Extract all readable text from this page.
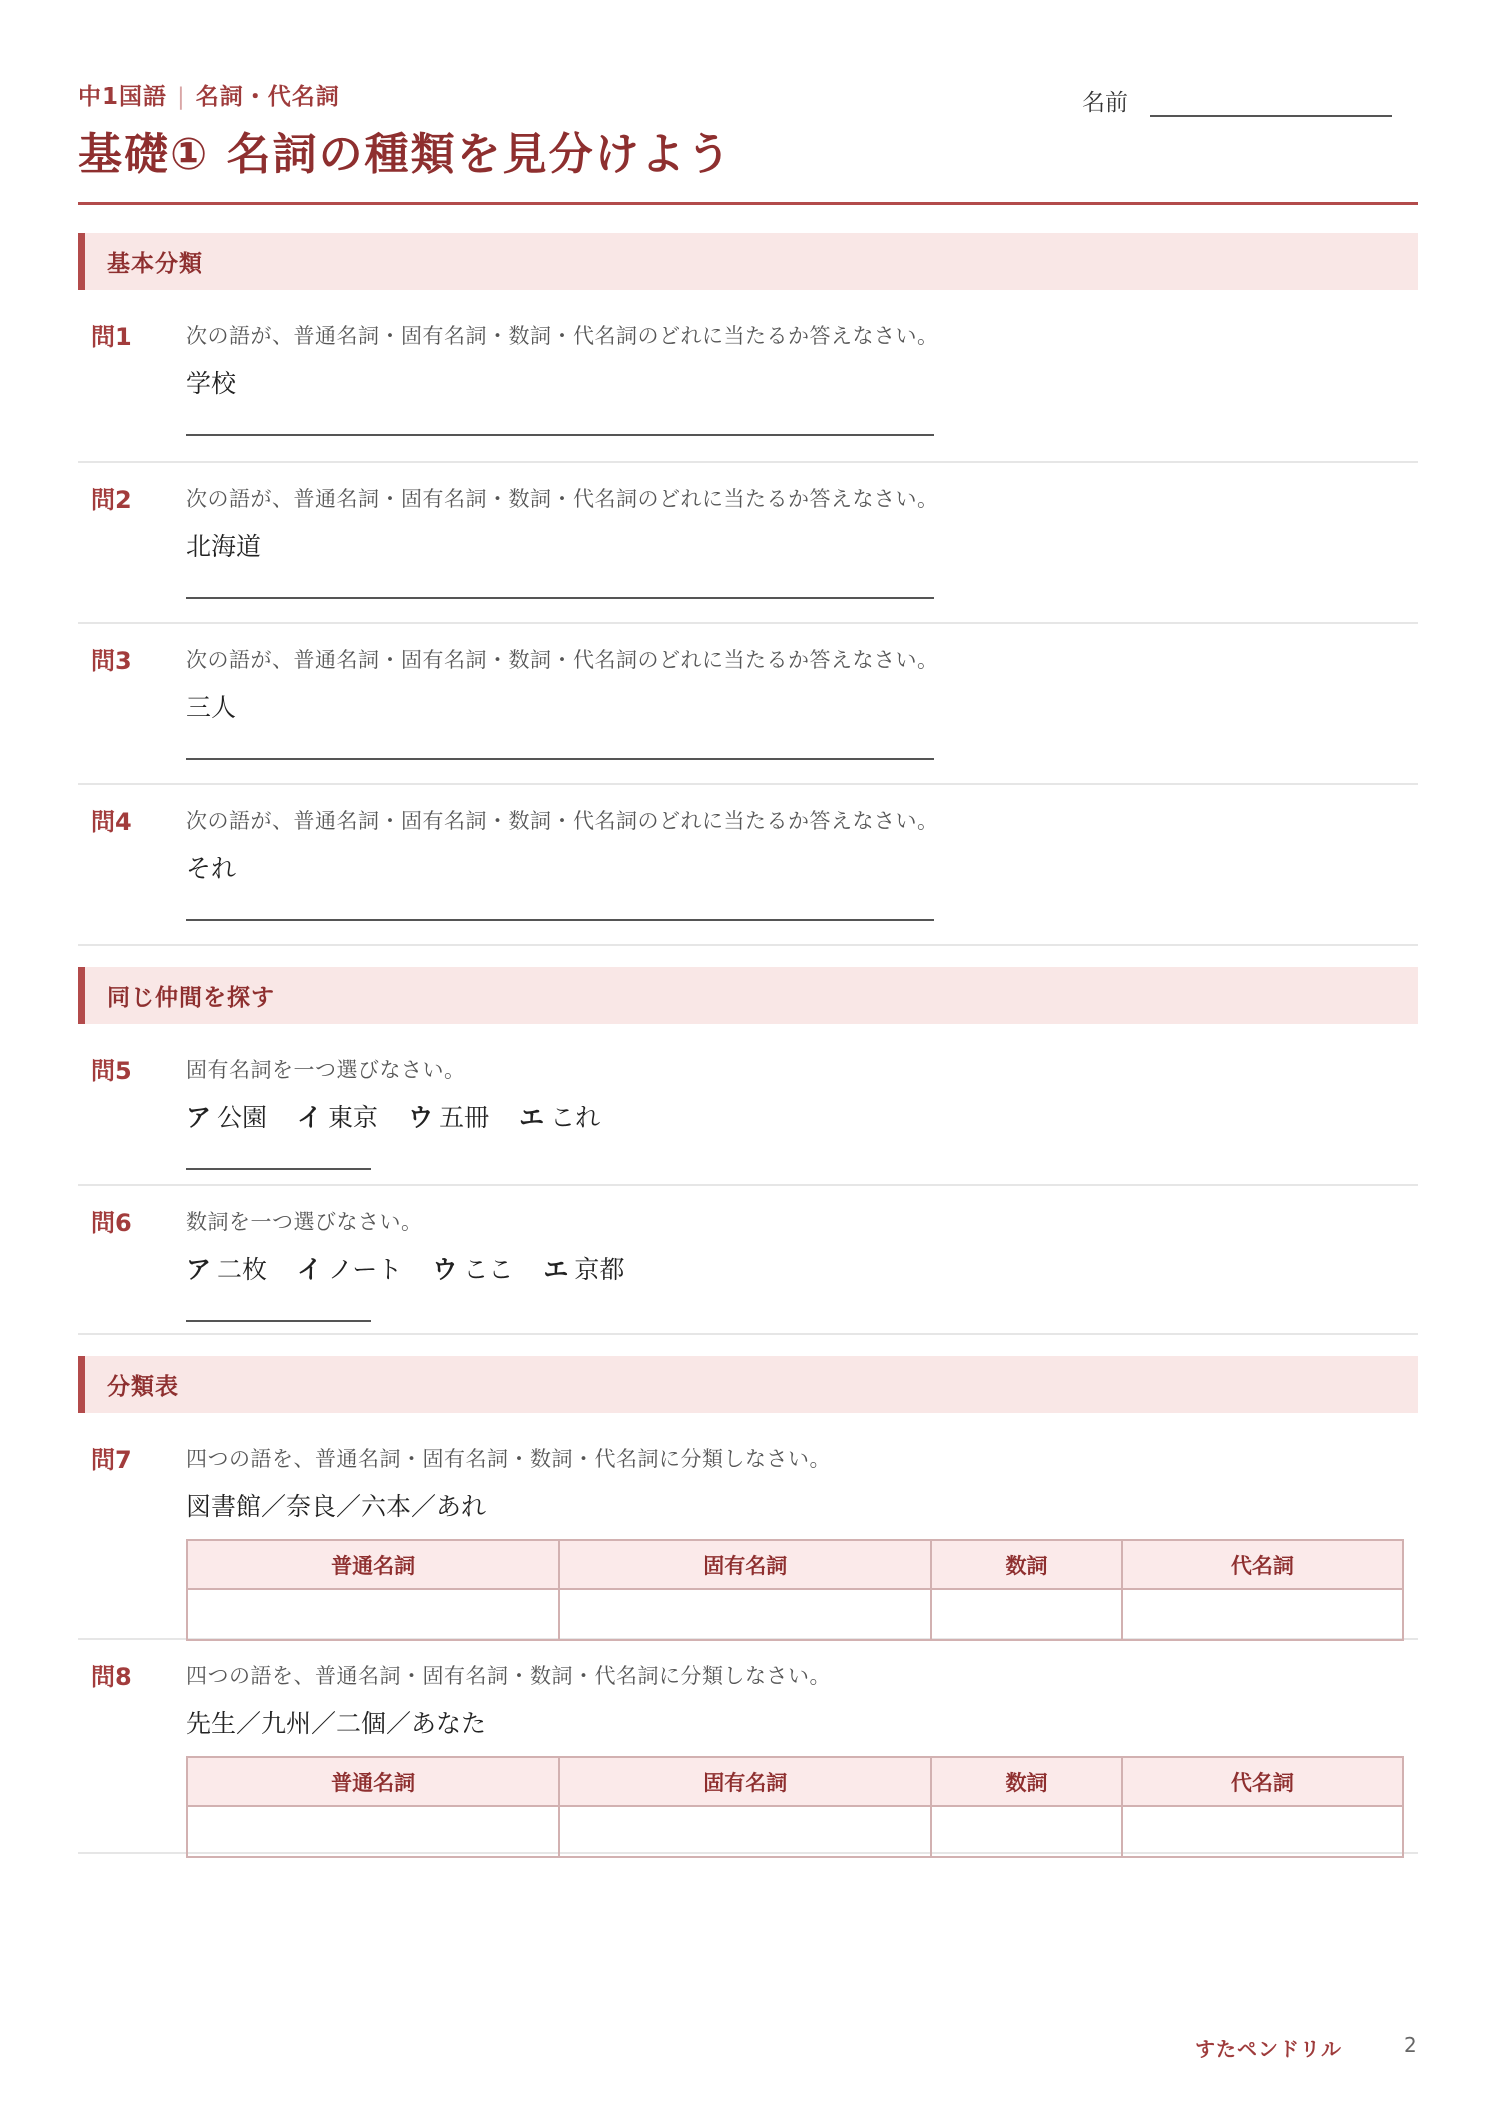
中1国語 | 名詞・代名詞
基礎① 名詞の種類を見分けよう
名前
基本分類
問1	次の語が、普通名詞・固有名詞・数詞・代名詞のどれに当たるか答えなさい。
学校
問2	次の語が、普通名詞・固有名詞・数詞・代名詞のどれに当たるか答えなさい。
北海道
問3	次の語が、普通名詞・固有名詞・数詞・代名詞のどれに当たるか答えなさい。
三人
問4	次の語が、普通名詞・固有名詞・数詞・代名詞のどれに当たるか答えなさい。
それ
同じ仲間を探す
問5	固有名詞を一つ選びなさい。
ア 公園 イ 東京 ウ 五冊 エ これ
問6	数詞を一つ選びなさい。
ア 二枚 イ ノート ウ ここ エ 京都
分類表
問7	四つの語を、普通名詞・固有名詞・数詞・代名詞に分類しなさい。
図書館／奈良／六本／あれ
普通名詞	固有名詞	数詞	代名詞

問8	四つの語を、普通名詞・固有名詞・数詞・代名詞に分類しなさい。
先生／九州／二個／あなた
普通名詞	固有名詞	数詞	代名詞

すたペンドリル	2
